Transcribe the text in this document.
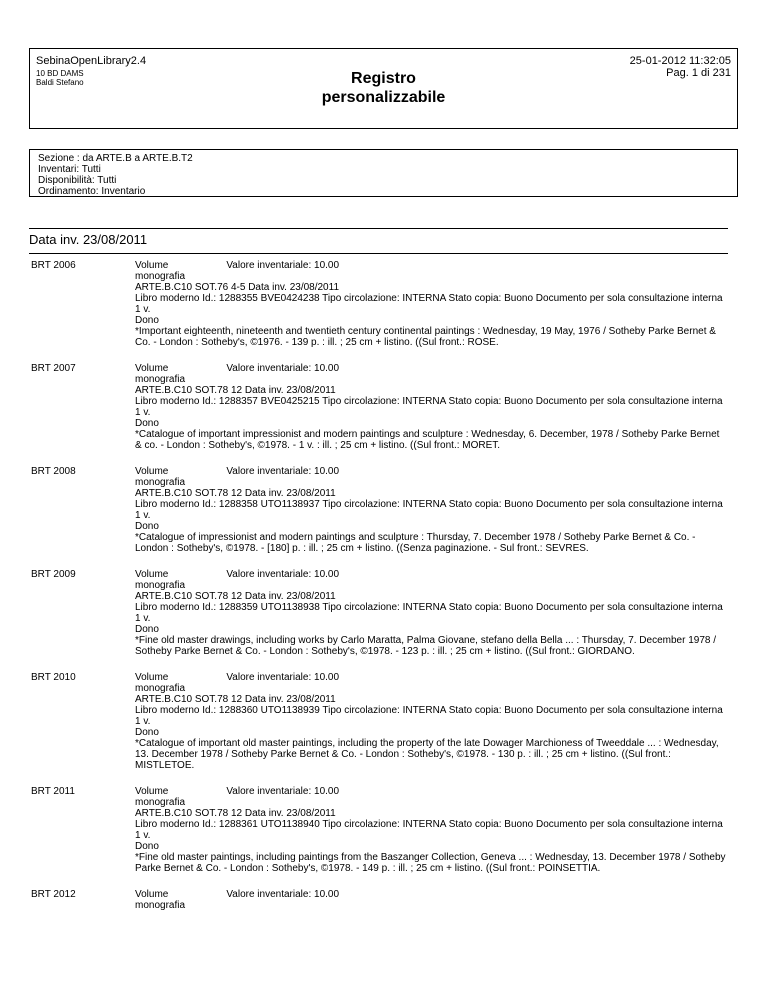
SebinaOpenLibrary2.4
10 BD DAMS
Baldi Stefano	Registro
personalizzabile
25-01-2012 11:32:05
Pag. 1 di 231
Sezione : da ARTE.B a ARTE.B.T2
Inventari: Tutti
Disponibilità: Tutti
Ordinamento: Inventario
Data inv. 23/08/2011
BRT 2006	Volume	Valore inventariale: 10.00
monografia
ARTE.B.C10 SOT.76 4-5 Data inv. 23/08/2011
Libro moderno Id.: 1288355 BVE0424238 Tipo circolazione: INTERNA Stato copia: Buono Documento per sola consultazione interna
1 v.
Dono
*Important eighteenth, nineteenth and twentieth century continental paintings : Wednesday, 19 May, 1976 / Sotheby Parke Bernet & Co. - London : Sotheby's, ©1976. - 139 p. : ill. ; 25 cm + listino. ((Sul front.: ROSE.
BRT 2007	Volume	Valore inventariale: 10.00
monografia
ARTE.B.C10 SOT.78 12 Data inv. 23/08/2011
Libro moderno Id.: 1288357 BVE0425215 Tipo circolazione: INTERNA Stato copia: Buono Documento per sola consultazione interna
1 v.
Dono
*Catalogue of important impressionist and modern paintings and sculpture : Wednesday, 6. December, 1978 / Sotheby Parke Bernet & co. - London : Sotheby's, ©1978. - 1 v. : ill. ; 25 cm + listino. ((Sul front.: MORET.
BRT 2008	Volume	Valore inventariale: 10.00
monografia
ARTE.B.C10 SOT.78 12 Data inv. 23/08/2011
Libro moderno Id.: 1288358 UTO1138937 Tipo circolazione: INTERNA Stato copia: Buono Documento per sola consultazione interna
1 v.
Dono
*Catalogue of impressionist and modern paintings and sculpture : Thursday, 7. December 1978 / Sotheby Parke Bernet & Co. - London : Sotheby's, ©1978. - [180] p. : ill. ; 25 cm + listino. ((Senza paginazione. - Sul front.: SEVRES.
BRT 2009	Volume	Valore inventariale: 10.00
monografia
ARTE.B.C10 SOT.78 12 Data inv. 23/08/2011
Libro moderno Id.: 1288359 UTO1138938 Tipo circolazione: INTERNA Stato copia: Buono Documento per sola consultazione interna
1 v.
Dono
*Fine old master drawings, including works by Carlo Maratta, Palma Giovane, stefano della Bella ... : Thursday, 7. December 1978 / Sotheby Parke Bernet & Co. - London : Sotheby's, ©1978. - 123 p. : ill. ; 25 cm + listino. ((Sul front.: GIORDANO.
BRT 2010	Volume	Valore inventariale: 10.00
monografia
ARTE.B.C10 SOT.78 12 Data inv. 23/08/2011
Libro moderno Id.: 1288360 UTO1138939 Tipo circolazione: INTERNA Stato copia: Buono Documento per sola consultazione interna
1 v.
Dono
*Catalogue of important old master paintings, including the property of the late Dowager Marchioness of Tweeddale ... : Wednesday, 13. December 1978 / Sotheby Parke Bernet & Co. - London : Sotheby's, ©1978. - 130 p. : ill. ; 25 cm + listino. ((Sul front.: MISTLETOE.
BRT 2011	Volume	Valore inventariale: 10.00
monografia
ARTE.B.C10 SOT.78 12 Data inv. 23/08/2011
Libro moderno Id.: 1288361 UTO1138940 Tipo circolazione: INTERNA Stato copia: Buono Documento per sola consultazione interna
1 v.
Dono
*Fine old master paintings, including paintings from the Baszanger Collection, Geneva ... : Wednesday, 13. December 1978 / Sotheby Parke Bernet & Co. - London : Sotheby's, ©1978. - 149 p. : ill. ; 25 cm + listino. ((Sul front.: POINSETTIA.
BRT 2012	Volume	Valore inventariale: 10.00
monografia
